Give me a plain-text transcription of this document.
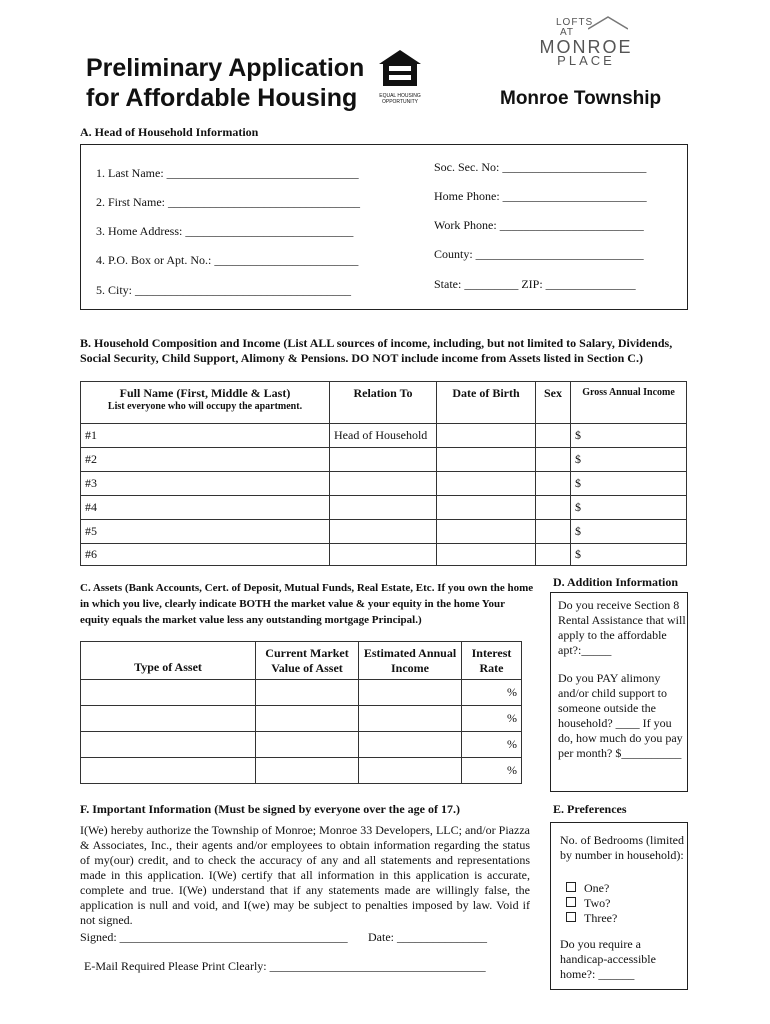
Preliminary Application
for Affordable Housing	EQUAL HOUSING OPPORTUNITY
LOFTS
AT
MONROE
PLACE
Monroe Township
A. Head of Household Information
1. Last Name: ________________________________
2. First Name: ________________________________
3. Home Address: ____________________________
4. P.O. Box or Apt. No.: ________________________
5. City: ____________________________________
Soc. Sec. No: ________________________
Home Phone: ________________________
Work Phone: ________________________
County: ____________________________
State: _________ ZIP: _______________
B. Household Composition and Income (List ALL sources of income, including, but not limited to Salary, Dividends, Social Security, Child Support, Alimony & Pensions. DO NOT include income from Assets listed in Section C.)
Full Name (First, Middle & Last)
List everyone who will occupy the apartment.	Relation To	Date of Birth	Sex	Gross Annual Income
#1	Head of Household			$
#2				$
#3				$
#4				$
#5				$
#6				$
C. Assets (Bank Accounts, Cert. of Deposit, Mutual Funds, Real Estate, Etc. If you own the home in which you live, clearly indicate BOTH the market value & your equity in the home Your equity equals the market value less any outstanding mortgage Principal.)
Type of Asset	Current Market Value of Asset	Estimated Annual Income	Interest Rate
			%
			%
			%
			%
D. Addition Information
Do you receive Section 8 Rental Assistance that will apply to the affordable apt?:_____
Do you PAY alimony and/or child support to someone outside the household? ____ If you do, how much do you pay per month? $__________
E. Preferences
No. of Bedrooms (limited by number in household):
One?
Two?
Three?
Do you require a handicap-accessible home?: ______
F. Important Information (Must be signed by everyone over the age of 17.)
I(We) hereby authorize the Township of Monroe; Monroe 33 Developers, LLC; and/or Piazza & Associates, Inc., their agents and/or employees to obtain information regarding the status of my(our) credit, and to check the accuracy of any and all statements and representations made in this application. I(We) certify that all information in this application is accurate, complete and true. I(We) understand that if any statements made are willingly false, the application is null and void, and I(we) may be subject to penalties imposed by law. Void if not signed.
Signed: ______________________________________ Date: _______________
E-Mail Required Please Print Clearly: ____________________________________
